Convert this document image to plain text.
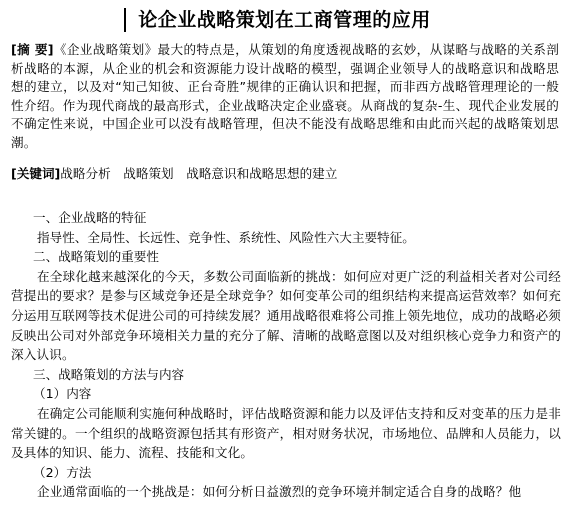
论企业战略策划在工商管理的应用
[摘 要]《企业战略策划》最大的特点是，从策划的角度透视战略的玄妙，从谋略与战略的关系剖析战略的本源，从企业的机会和资源能力设计战略的模型，强调企业领导人的战略意识和战略思想的建立，以及对“知己知彼、正台奇胜”规律的正确认识和把握，而非西方战略管理理论的一般性介绍。作为现代商战的最高形式，企业战略决定企业盛衰。从商战的复杂-生、现代企业发展的不确定性来说，中国企业可以没有战略管理，但决不能没有战略思维和由此而兴起的战略策划思潮。
[关键词]战略分析　战略策划　战略意识和战略思想的建立

一、企业战略的特征

指导性、全局性、长远性、竞争性、系统性、风险性六大主要特征。

二、战略策划的重要性

在全球化越来越深化的今天，多数公司面临新的挑战：如何应对更广泛的利益相关者对公司经营提出的要求？是参与区域竞争还是全球竞争？如何变革公司的组织结构来提高运营效率？如何充分运用互联网等技术促进公司的可持续发展？通用战略很难将公司推上领先地位，成功的战略必须反映出公司对外部竞争环境相关力量的充分了解、清晰的战略意图以及对组织核心竞争力和资产的深入认识。

三、战略策划的方法与内容

（1）内容

在确定公司能顺利实施何种战略时，评估战略资源和能力以及评估支持和反对变革的压力是非常关键的。一个组织的战略资源包括其有形资产，相对财务状况，市场地位、品牌和人员能力，以及具体的知识、能力、流程、技能和文化。

（2）方法

企业通常面临的一个挑战是：如何分析日益激烈的竞争环境并制定适合自身的战略？他
